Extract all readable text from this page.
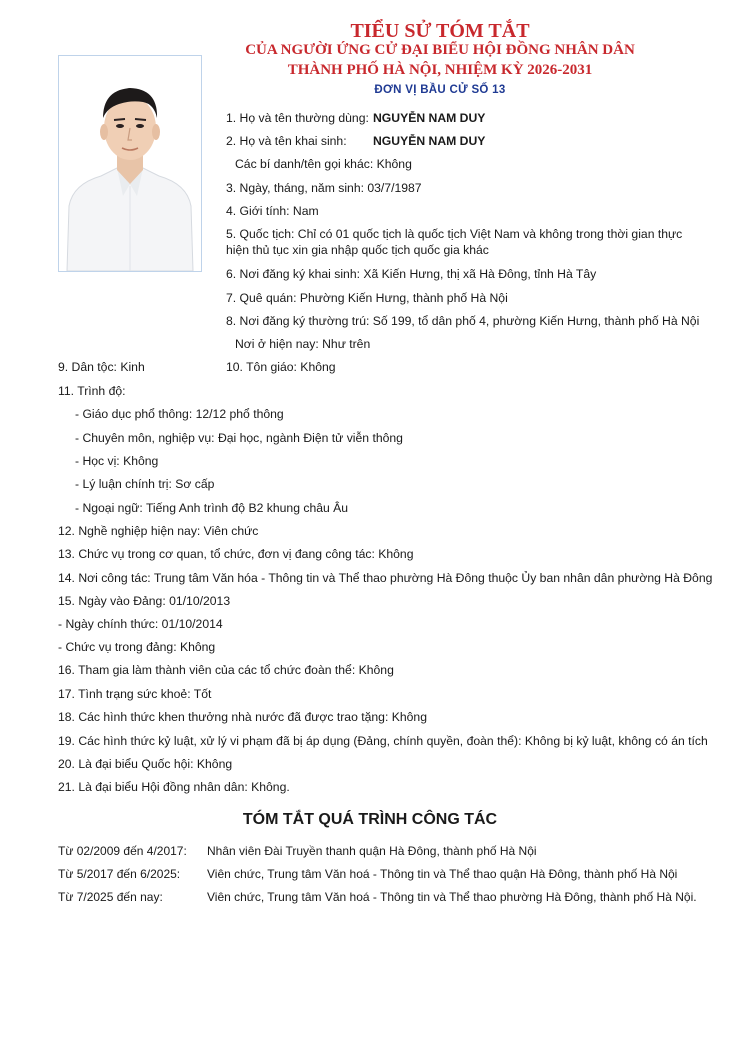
TIỂU SỬ TÓM TẮT
CỦA NGƯỜI ỨNG CỬ ĐẠI BIỂU HỘI ĐỒNG NHÂN DÂN
THÀNH PHỐ HÀ NỘI, NHIỆM KỲ 2026-2031
ĐƠN VỊ BẦU CỬ SỐ 13
1. Họ và tên thường dùng: NGUYỄN NAM DUY
2. Họ và tên khai sinh: NGUYỄN NAM DUY
Các bí danh/tên gọi khác: Không
3. Ngày, tháng, năm sinh: 03/7/1987
4. Giới tính: Nam
5. Quốc tịch: Chỉ có 01 quốc tịch là quốc tịch Việt Nam và không trong thời gian thực hiện thủ tục xin gia nhập quốc tịch quốc gia khác
6. Nơi đăng ký khai sinh: Xã Kiến Hưng, thị xã Hà Đông, tỉnh Hà Tây
7. Quê quán: Phường Kiến Hưng, thành phố Hà Nội
8. Nơi đăng ký thường trú: Số 199, tổ dân phố 4, phường Kiến Hưng, thành phố Hà Nội
Nơi ở hiện nay: Như trên
9. Dân tộc: Kinh	10. Tôn giáo: Không
11. Trình độ:
- Giáo dục phổ thông: 12/12 phổ thông
- Chuyên môn, nghiệp vụ: Đại học, ngành Điện tử viễn thông
- Học vị: Không
- Lý luận chính trị: Sơ cấp
- Ngoại ngữ: Tiếng Anh trình độ B2 khung châu Âu
12. Nghề nghiệp hiện nay: Viên chức
13. Chức vụ trong cơ quan, tổ chức, đơn vị đang công tác: Không
14. Nơi công tác: Trung tâm Văn hóa - Thông tin và Thể thao phường Hà Đông thuộc Ủy ban nhân dân phường Hà Đông
15. Ngày vào Đảng: 01/10/2013
- Ngày chính thức: 01/10/2014
- Chức vụ trong đảng: Không
16. Tham gia làm thành viên của các tổ chức đoàn thể: Không
17. Tình trạng sức khoẻ: Tốt
18. Các hình thức khen thưởng nhà nước đã được trao tặng: Không
19. Các hình thức kỷ luật, xử lý vi phạm đã bị áp dụng (Đảng, chính quyền, đoàn thể): Không bị kỷ luật, không có án tích
20. Là đại biểu Quốc hội: Không
21. Là đại biểu Hội đồng nhân dân: Không.
TÓM TẮT QUÁ TRÌNH CÔNG TÁC
Từ 02/2009 đến 4/2017: Nhân viên Đài Truyền thanh quận Hà Đông, thành phố Hà Nội
Từ 5/2017 đến 6/2025: Viên chức, Trung tâm Văn hoá - Thông tin và Thể thao quận Hà Đông, thành phố Hà Nội
Từ 7/2025 đến nay:	Viên chức, Trung tâm Văn hoá - Thông tin và Thể thao phường Hà Đông, thành phố Hà Nội.
